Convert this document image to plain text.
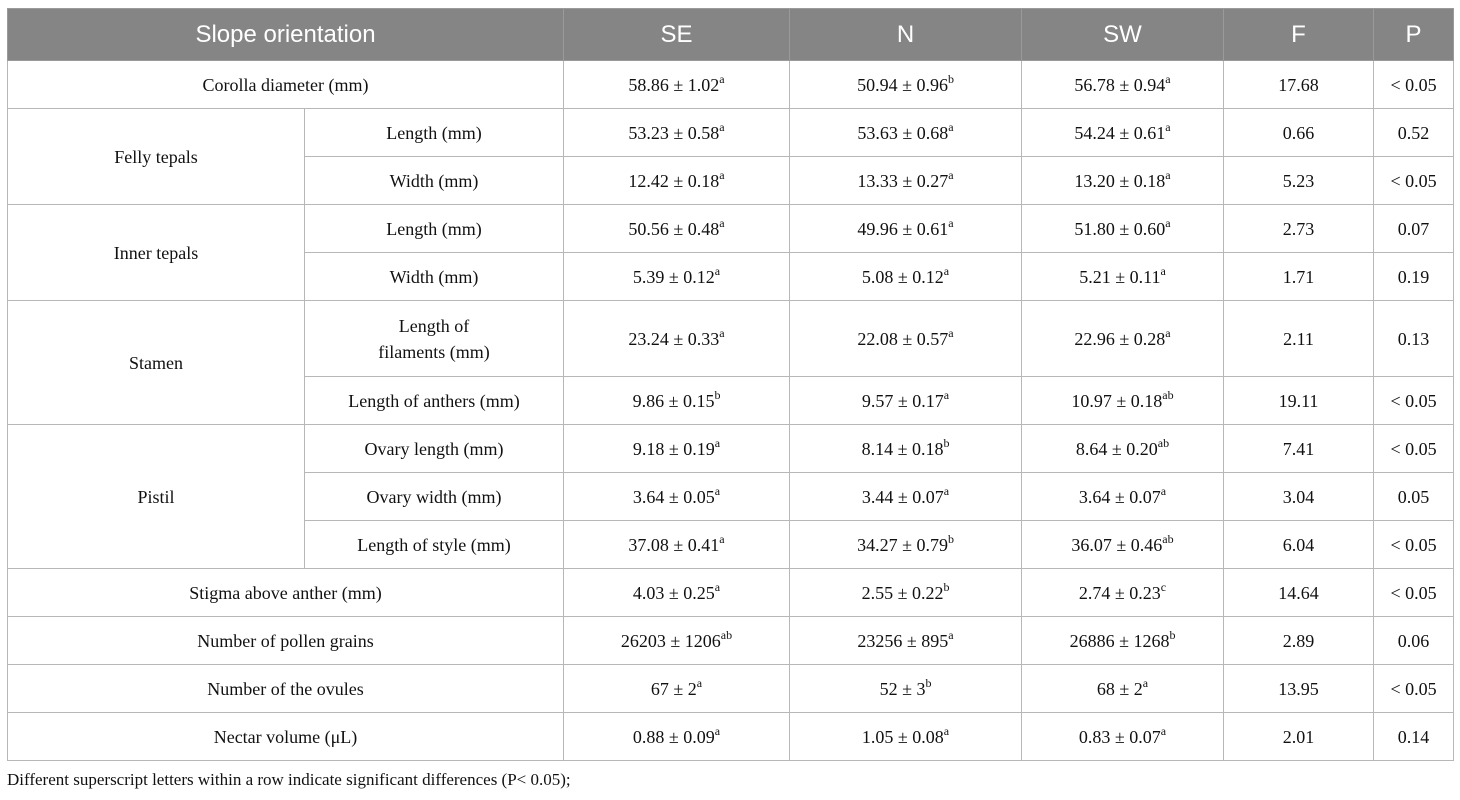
Slope orientation		SE	N	SW	F	P
Corolla diameter (mm)		58.86 ± 1.02$^a$	50.94 ± 0.96$^b$	56.78 ± 0.94$^a$	17.68	< 0.05
Felly tepals	Length (mm)	53.23 ± 0.58$^a$	53.63 ± 0.68$^a$	54.24 ± 0.61$^a$	0.66	0.52
	Width (mm)	12.42 ± 0.18$^a$	13.33 ± 0.27$^a$	13.20 ± 0.18$^a$	5.23	< 0.05
Inner tepals	Length (mm)	50.56 ± 0.48$^a$	49.96 ± 0.61$^a$	51.80 ± 0.60$^a$	2.73	0.07
	Width (mm)	5.39 ± 0.12$^a$	5.08 ± 0.12$^a$	5.21 ± 0.11$^a$	1.71	0.19
Stamen	Length of
filaments (mm)	23.24 ± 0.33$^a$	22.08 ± 0.57$^a$	22.96 ± 0.28$^a$	2.11	0.13
	Length of anthers (mm)	9.86 ± 0.15$^b$	9.57 ± 0.17$^a$	10.97 ± 0.18$^{ab}$	19.11	< 0.05
Pistil	Ovary length (mm)	9.18 ± 0.19$^a$	8.14 ± 0.18$^b$	8.64 ± 0.20$^{ab}$	7.41	< 0.05
	Ovary width (mm)	3.64 ± 0.05$^a$	3.44 ± 0.07$^a$	3.64 ± 0.07$^a$	3.04	0.05
	Length of style (mm)	37.08 ± 0.41$^a$	34.27 ± 0.79$^b$	36.07 ± 0.46$^{ab}$	6.04	< 0.05
Stigma above anther (mm)		4.03 ± 0.25$^a$	2.55 ± 0.22$^b$	2.74 ± 0.23$^c$	14.64	< 0.05
Number of pollen grains		$26203 \pm 1206^{ab}$	$23256 \pm 895^a$	$26886 \pm 1268^b$	2.89	0.06
Number of the ovules		$67 \pm 2^a$	$52 \pm 3^b$	$68 \pm 2^a$	13.95	< 0.05
Nectar volume (μL)		0.88 ± 0.09$^a$	1.05 ± 0.08$^a$	0.83 ± 0.07$^a$	2.01	0.14
Different superscript letters within a row indicate significant differences (P< 0.05);
